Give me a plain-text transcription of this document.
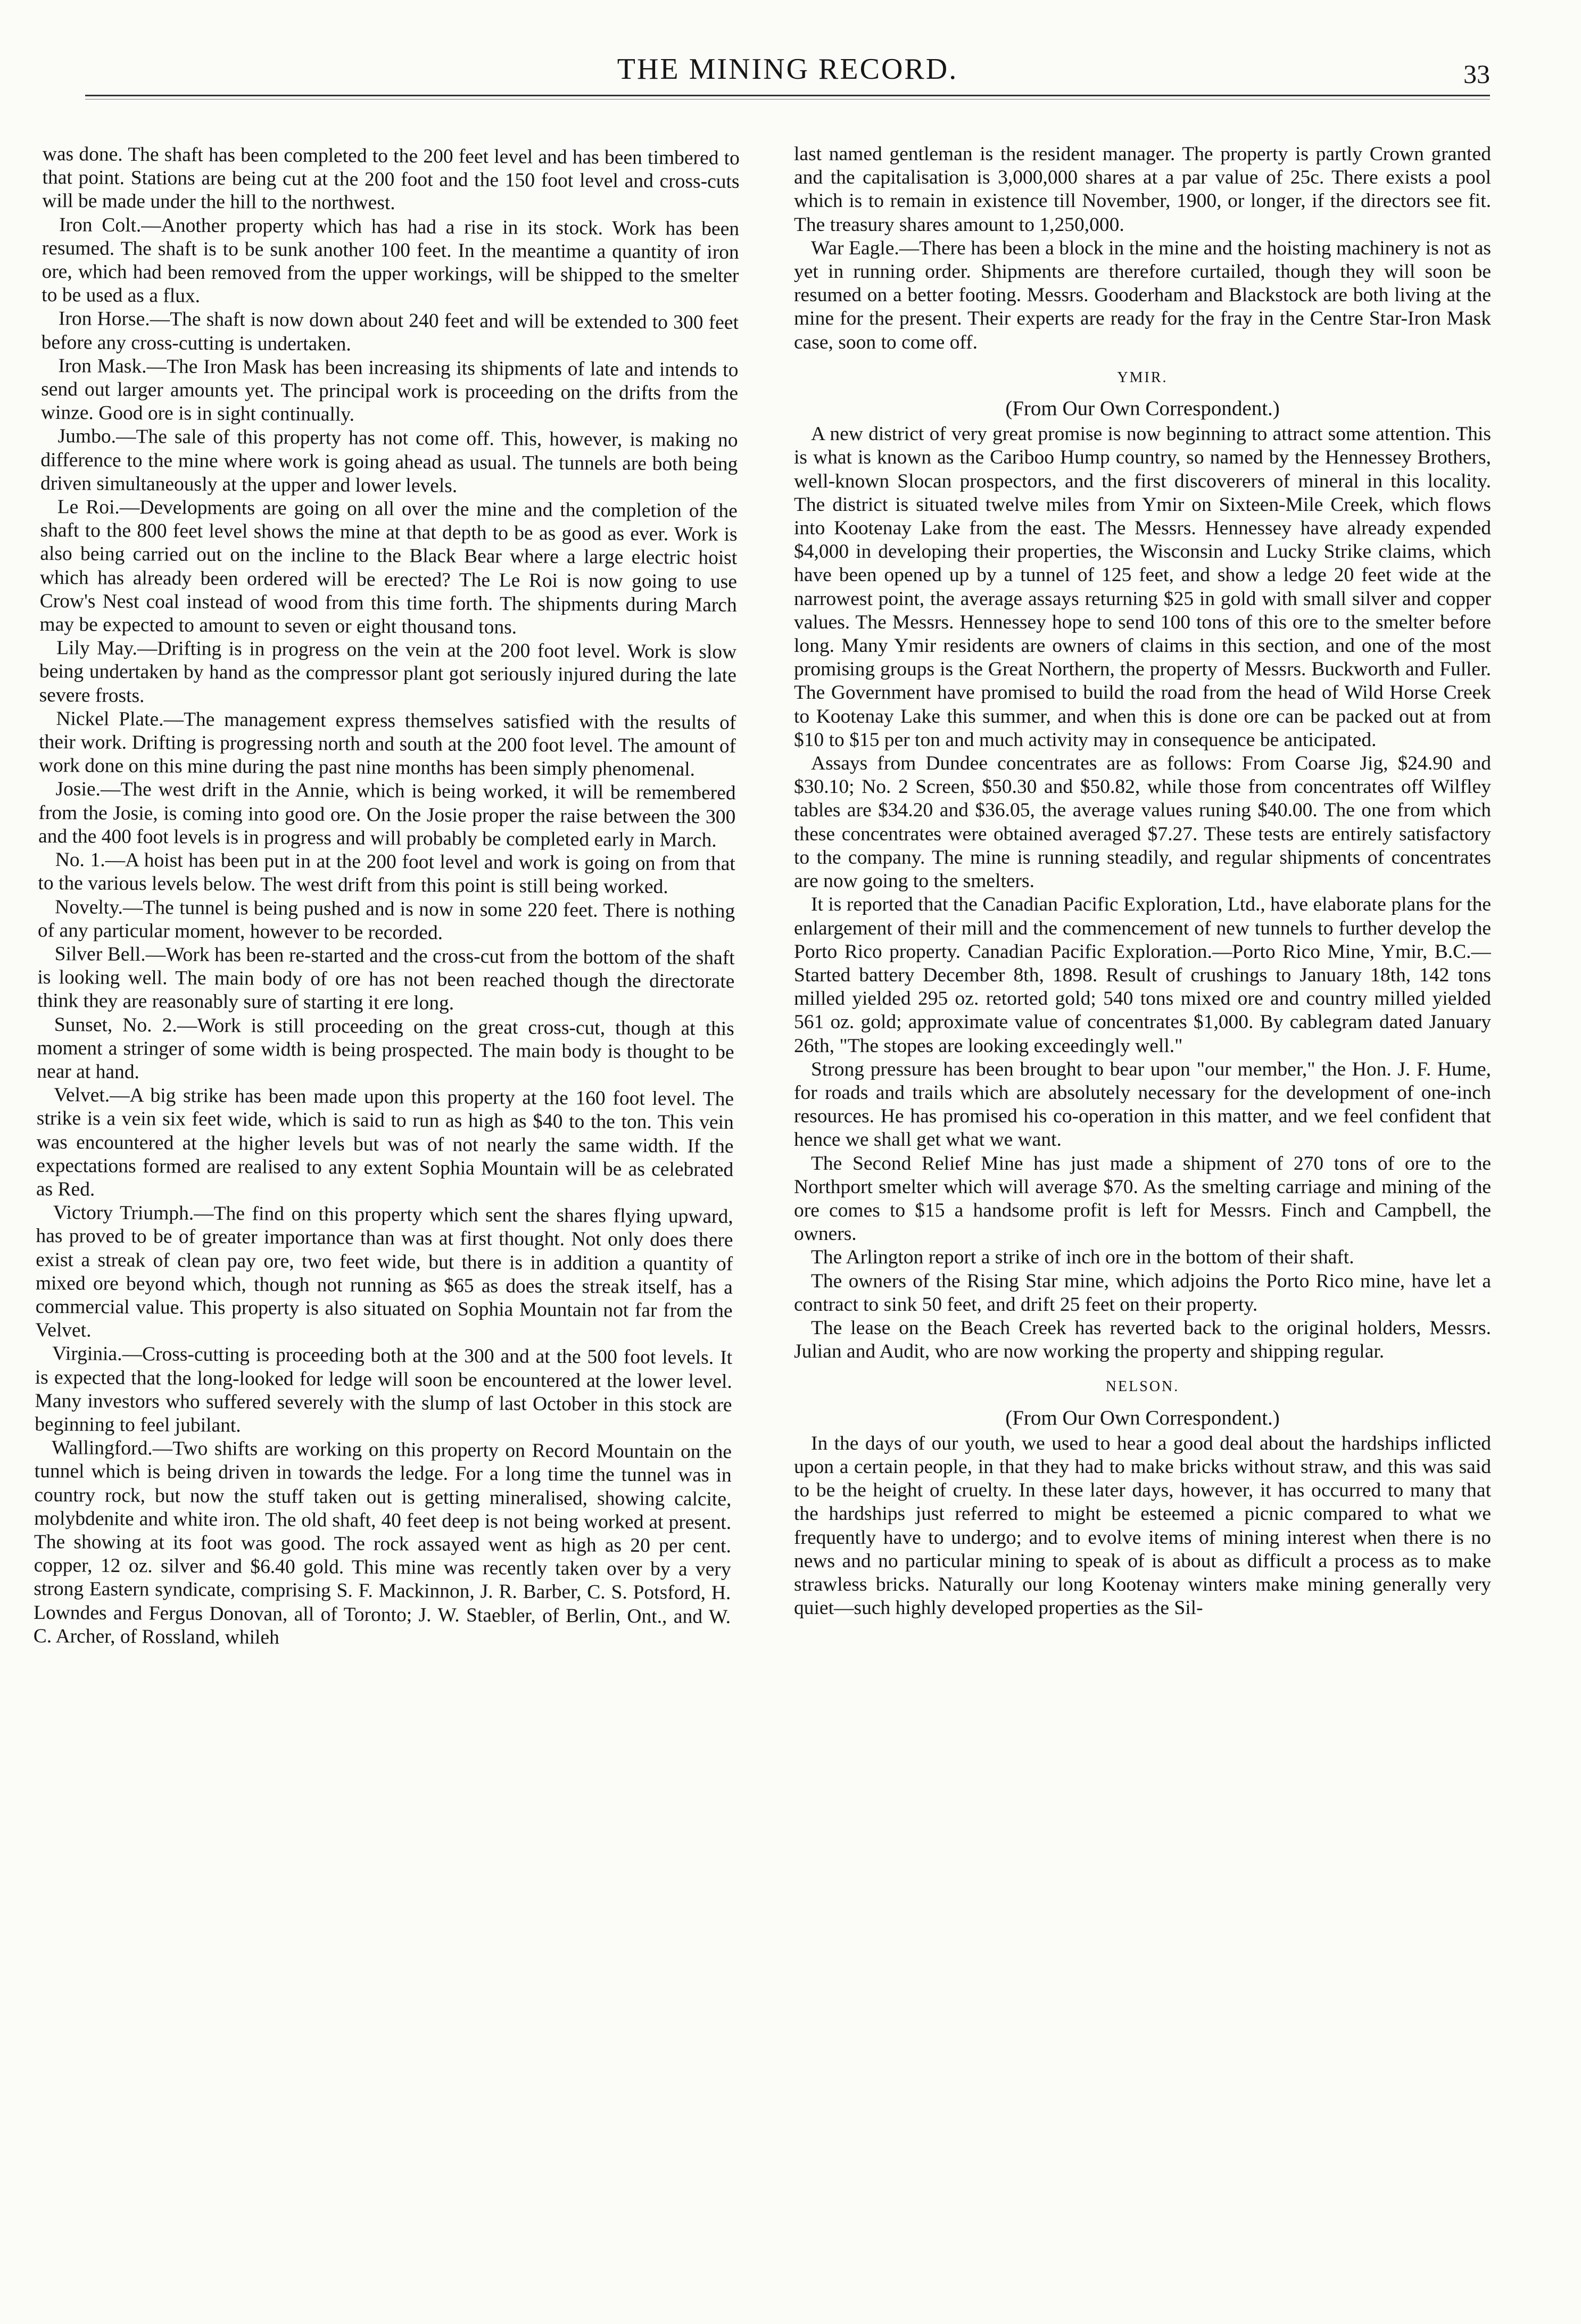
THE MINING RECORD.	33

was done. The shaft has been completed to the 200 feet level and has been timbered to that point. Stations are being cut at the 200 foot and the 150 foot level and cross-cuts will be made under the hill to the northwest.

Iron Colt.—Another property which has had a rise in its stock. Work has been resumed. The shaft is to be sunk another 100 feet. In the meantime a quantity of iron ore, which had been removed from the upper workings, will be shipped to the smelter to be used as a flux.

Iron Horse.—The shaft is now down about 240 feet and will be extended to 300 feet before any cross-cutting is undertaken.

Iron Mask.—The Iron Mask has been increasing its shipments of late and intends to send out larger amounts yet. The principal work is proceeding on the drifts from the winze. Good ore is in sight continually.

Jumbo.—The sale of this property has not come off. This, however, is making no difference to the mine where work is going ahead as usual. The tunnels are both being driven simultaneously at the upper and lower levels.

Le Roi.—Developments are going on all over the mine and the completion of the shaft to the 800 feet level shows the mine at that depth to be as good as ever. Work is also being carried out on the incline to the Black Bear where a large electric hoist which has already been ordered will be erected? The Le Roi is now going to use Crow's Nest coal instead of wood from this time forth. The shipments during March may be expected to amount to seven or eight thousand tons.

Lily May.—Drifting is in progress on the vein at the 200 foot level. Work is slow being undertaken by hand as the compressor plant got seriously injured during the late severe frosts.

Nickel Plate.—The management express themselves satisfied with the results of their work. Drifting is progressing north and south at the 200 foot level. The amount of work done on this mine during the past nine months has been simply phenomenal.

Josie.—The west drift in the Annie, which is being worked, it will be remembered from the Josie, is coming into good ore. On the Josie proper the raise between the 300 and the 400 foot levels is in progress and will probably be completed early in March.

No. 1.—A hoist has been put in at the 200 foot level and work is going on from that to the various levels below. The west drift from this point is still being worked.

Novelty.—The tunnel is being pushed and is now in some 220 feet. There is nothing of any particular moment, however to be recorded.

Silver Bell.—Work has been re-started and the cross-cut from the bottom of the shaft is looking well. The main body of ore has not been reached though the directorate think they are reasonably sure of starting it ere long.

Sunset, No. 2.—Work is still proceeding on the great cross-cut, though at this moment a stringer of some width is being prospected. The main body is thought to be near at hand.

Velvet.—A big strike has been made upon this property at the 160 foot level. The strike is a vein six feet wide, which is said to run as high as $40 to the ton. This vein was encountered at the higher levels but was of not nearly the same width. If the expectations formed are realised to any extent Sophia Mountain will be as celebrated as Red.

Victory Triumph.—The find on this property which sent the shares flying upward, has proved to be of greater importance than was at first thought. Not only does there exist a streak of clean pay ore, two feet wide, but there is in addition a quantity of mixed ore beyond which, though not running as $65 as does the streak itself, has a commercial value. This property is also situated on Sophia Mountain not far from the Velvet.

Virginia.—Cross-cutting is proceeding both at the 300 and at the 500 foot levels. It is expected that the long-looked for ledge will soon be encountered at the lower level. Many investors who suffered severely with the slump of last October in this stock are beginning to feel jubilant.

Wallingford.—Two shifts are working on this property on Record Mountain on the tunnel which is being driven in towards the ledge. For a long time the tunnel was in country rock, but now the stuff taken out is getting mineralised, showing calcite, molybdenite and white iron. The old shaft, 40 feet deep is not being worked at present. The showing at its foot was good. The rock assayed went as high as 20 per cent. copper, 12 oz. silver and $6.40 gold. This mine was recently taken over by a very strong Eastern syndicate, comprising S. F. Mackinnon, J. R. Barber, C. S. Potsford, H. Lowndes and Fergus Donovan, all of Toronto; J. W. Staebler, of Berlin, Ont., and W. C. Archer, of Rossland, whileh

last named gentleman is the resident manager. The property is partly Crown granted and the capitalisation is 3,000,000 shares at a par value of 25c. There exists a pool which is to remain in existence till November, 1900, or longer, if the directors see fit. The treasury shares amount to 1,250,000.

War Eagle.—There has been a block in the mine and the hoisting machinery is not as yet in running order. Shipments are therefore curtailed, though they will soon be resumed on a better footing. Messrs. Gooderham and Blackstock are both living at the mine for the present. Their experts are ready for the fray in the Centre Star-Iron Mask case, soon to come off.

YMIR.

(From Our Own Correspondent.)

A new district of very great promise is now beginning to attract some attention. This is what is known as the Cariboo Hump country, so named by the Hennessey Brothers, well-known Slocan prospectors, and the first discoverers of mineral in this locality. The district is situated twelve miles from Ymir on Sixteen-Mile Creek, which flows into Kootenay Lake from the east. The Messrs. Hennessey have already expended $4,000 in developing their properties, the Wisconsin and Lucky Strike claims, which have been opened up by a tunnel of 125 feet, and show a ledge 20 feet wide at the narrowest point, the average assays returning $25 in gold with small silver and copper values. The Messrs. Hennessey hope to send 100 tons of this ore to the smelter before long. Many Ymir residents are owners of claims in this section, and one of the most promising groups is the Great Northern, the property of Messrs. Buckworth and Fuller. The Government have promised to build the road from the head of Wild Horse Creek to Kootenay Lake this summer, and when this is done ore can be packed out at from $10 to $15 per ton and much activity may in consequence be anticipated.

Assays from Dundee concentrates are as follows: From Coarse Jig, $24.90 and $30.10; No. 2 Screen, $50.30 and $50.82, while those from concentrates off Wilfley tables are $34.20 and $36.05, the average values runing $40.00. The one from which these concentrates were obtained averaged $7.27. These tests are entirely satisfactory to the company. The mine is running steadily, and regular shipments of concentrates are now going to the smelters.

It is reported that the Canadian Pacific Exploration, Ltd., have elaborate plans for the enlargement of their mill and the commencement of new tunnels to further develop the Porto Rico property. Canadian Pacific Exploration.—Porto Rico Mine, Ymir, B.C.—Started battery December 8th, 1898. Result of crushings to January 18th, 142 tons milled yielded 295 oz. retorted gold; 540 tons mixed ore and country milled yielded 561 oz. gold; approximate value of concentrates $1,000. By cablegram dated January 26th, "The stopes are looking exceedingly well."

Strong pressure has been brought to bear upon "our member," the Hon. J. F. Hume, for roads and trails which are absolutely necessary for the development of one-inch resources. He has promised his co-operation in this matter, and we feel confident that hence we shall get what we want.

The Second Relief Mine has just made a shipment of 270 tons of ore to the Northport smelter which will average $70. As the smelting carriage and mining of the ore comes to $15 a handsome profit is left for Messrs. Finch and Campbell, the owners.

The Arlington report a strike of inch ore in the bottom of their shaft.

The owners of the Rising Star mine, which adjoins the Porto Rico mine, have let a contract to sink 50 feet, and drift 25 feet on their property.

The lease on the Beach Creek has reverted back to the original holders, Messrs. Julian and Audit, who are now working the property and shipping regular.

NELSON.

(From Our Own Correspondent.)

In the days of our youth, we used to hear a good deal about the hardships inflicted upon a certain people, in that they had to make bricks without straw, and this was said to be the height of cruelty. In these later days, however, it has occurred to many that the hardships just referred to might be esteemed a picnic compared to what we frequently have to undergo; and to evolve items of mining interest when there is no news and no particular mining to speak of is about as difficult a process as to make strawless bricks. Naturally our long Kootenay winters make mining generally very quiet—such highly developed properties as the Sil-
